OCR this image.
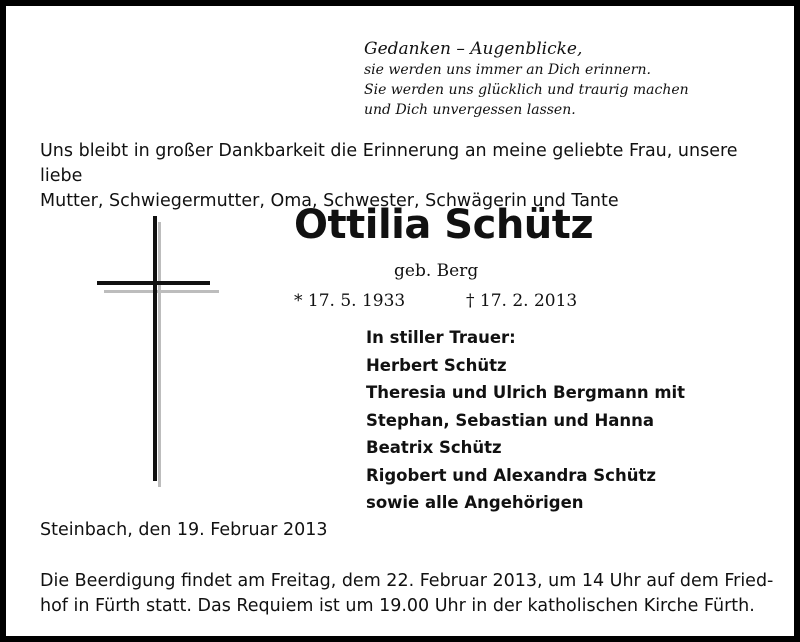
Gedanken – Augenblicke,
sie werden uns immer an Dich erinnern.
Sie werden uns glücklich und traurig machen
und Dich unvergessen lassen.
Uns bleibt in großer Dankbarkeit die Erinnerung an meine geliebte Frau, unsere liebe
Mutter, Schwiegermutter, Oma, Schwester, Schwägerin und Tante
Ottilia Schütz
geb. Berg
* 17. 5. 1933	† 17. 2. 2013
In stiller Trauer:
Herbert Schütz
Theresia und Ulrich Bergmann mit
Stephan, Sebastian und Hanna
Beatrix Schütz
Rigobert und Alexandra Schütz
sowie alle Angehörigen
Steinbach, den 19. Februar 2013
Die Beerdigung findet am Freitag, dem 22. Februar 2013, um 14 Uhr auf dem Fried-
hof in Fürth statt. Das Requiem ist um 19.00 Uhr in der katholischen Kirche Fürth.
